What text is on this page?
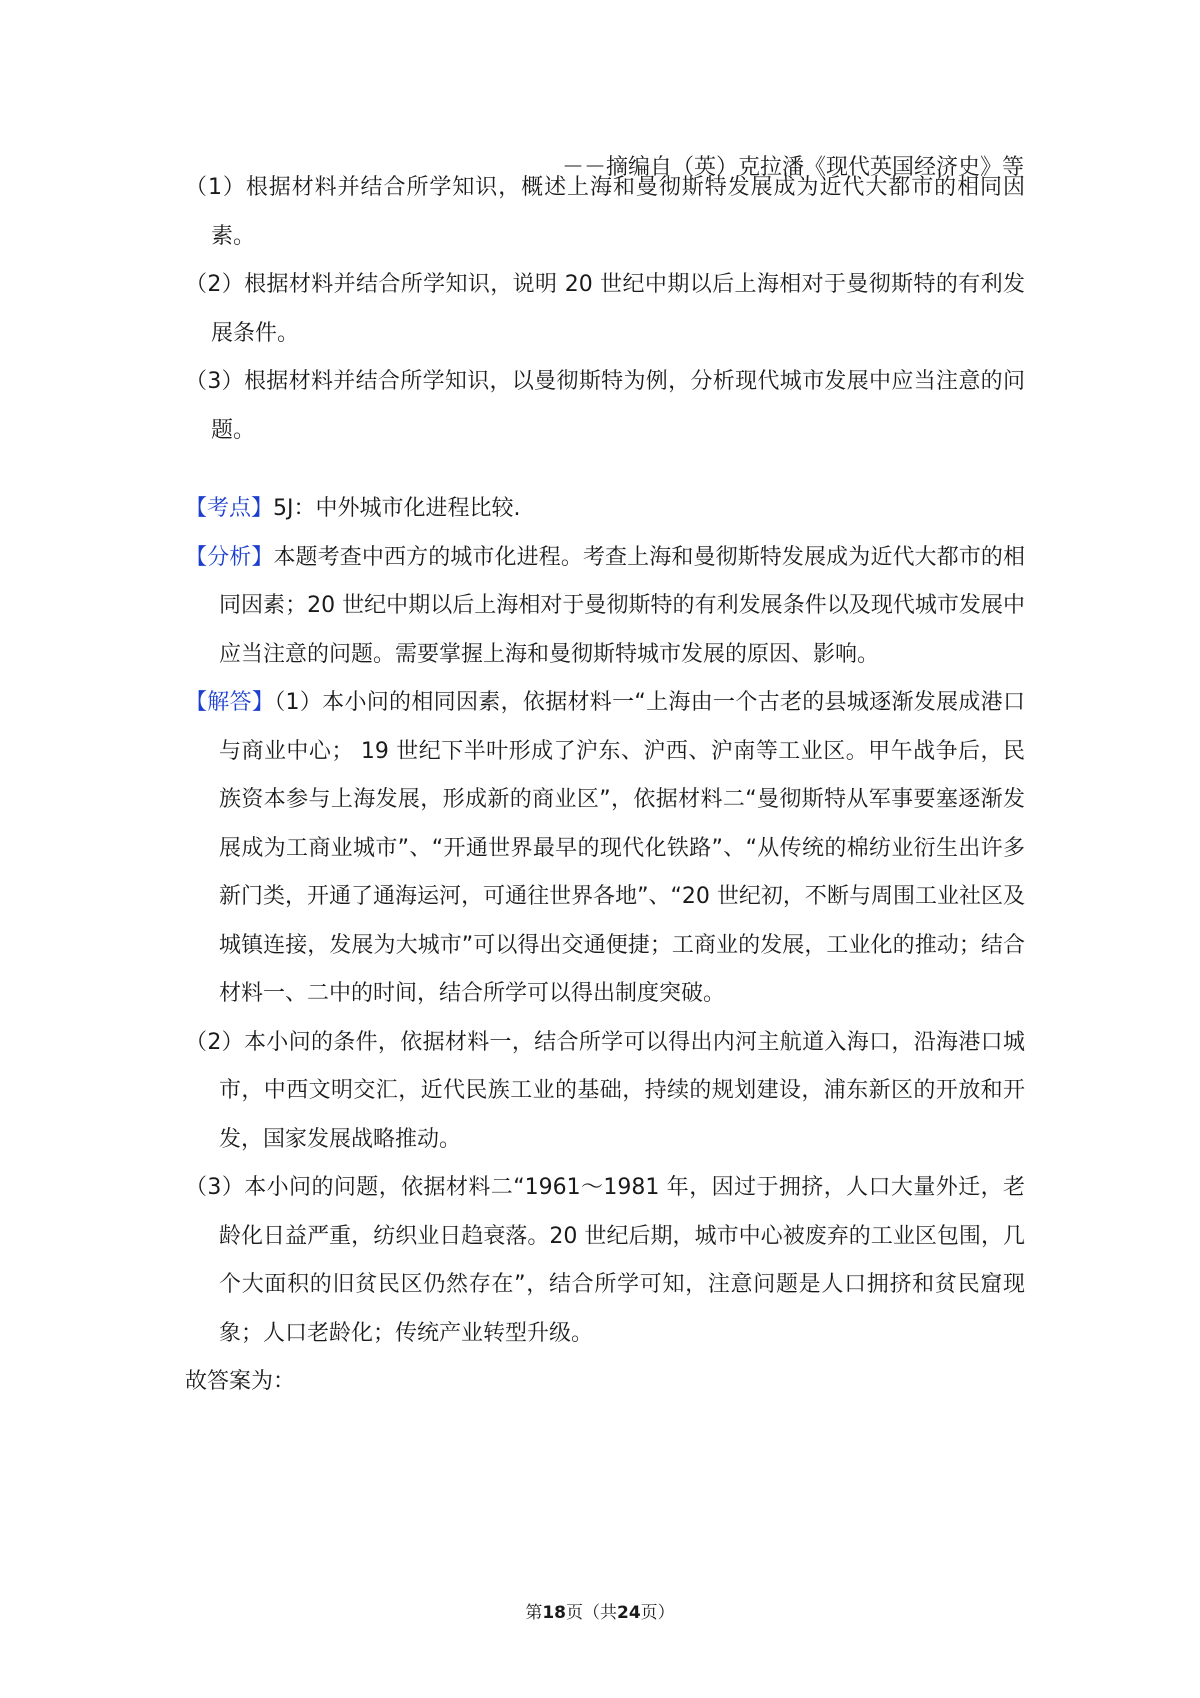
－－摘编自（英）克拉潘《现代英国经济史》等

（1）根据材料并结合所学知识，概述上海和曼彻斯特发展成为近代大都市的相同因素。

（2）根据材料并结合所学知识，说明 20 世纪中期以后上海相对于曼彻斯特的有利发展条件。

（3）根据材料并结合所学知识，以曼彻斯特为例，分析现代城市发展中应当注意的问题。

【考点】5J：中外城市化进程比较.

【分析】本题考查中西方的城市化进程。考查上海和曼彻斯特发展成为近代大都市的相同因素；20 世纪中期以后上海相对于曼彻斯特的有利发展条件以及现代城市发展中应当注意的问题。需要掌握上海和曼彻斯特城市发展的原因、影响。

【解答】（1）本小问的相同因素，依据材料一“上海由一个古老的县城逐渐发展成港口与商业中心； 19 世纪下半叶形成了沪东、沪西、沪南等工业区。甲午战争后，民族资本参与上海发展，形成新的商业区”，依据材料二“曼彻斯特从军事要塞逐渐发展成为工商业城市”、“开通世界最早的现代化铁路”、“从传统的棉纺业衍生出许多新门类，开通了通海运河，可通往世界各地”、“20 世纪初，不断与周围工业社区及城镇连接，发展为大城市”可以得出交通便捷；工商业的发展，工业化的推动；结合材料一、二中的时间，结合所学可以得出制度突破。

（2）本小问的条件，依据材料一，结合所学可以得出内河主航道入海口，沿海港口城市，中西文明交汇，近代民族工业的基础，持续的规划建设，浦东新区的开放和开发，国家发展战略推动。

（3）本小问的问题，依据材料二“1961～1981 年，因过于拥挤，人口大量外迁，老龄化日益严重，纺织业日趋衰落。20 世纪后期，城市中心被废弃的工业区包围，几个大面积的旧贫民区仍然存在”，结合所学可知，注意问题是人口拥挤和贫民窟现象；人口老龄化；传统产业转型升级。

故答案为：

第18页（共24页）
